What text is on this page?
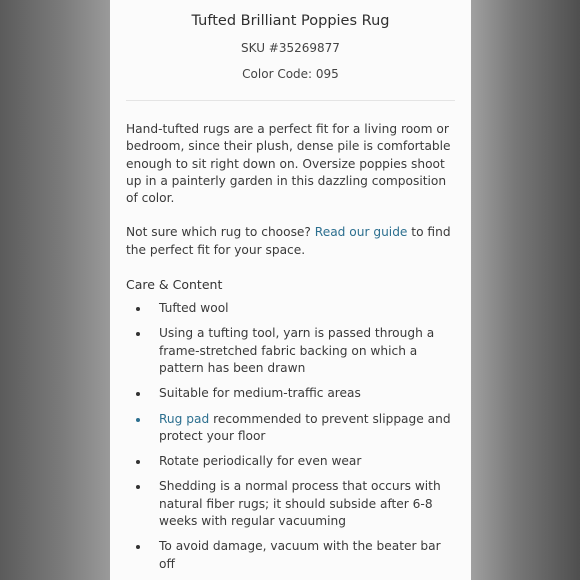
Tufted Brilliant Poppies Rug
SKU #35269877
Color Code: 095
Hand-tufted rugs are a perfect fit for a living room or bedroom, since their plush, dense pile is comfortable enough to sit right down on. Oversize poppies shoot up in a painterly garden in this dazzling composition of color.
Not sure which rug to choose? Read our guide to find the perfect fit for your space.
Care & Content
Tufted wool
Using a tufting tool, yarn is passed through a frame-stretched fabric backing on which a pattern has been drawn
Suitable for medium-traffic areas
Rug pad recommended to prevent slippage and protect your floor
Rotate periodically for even wear
Shedding is a normal process that occurs with natural fiber rugs; it should subside after 6-8 weeks with regular vacuuming
To avoid damage, vacuum with the beater bar off
